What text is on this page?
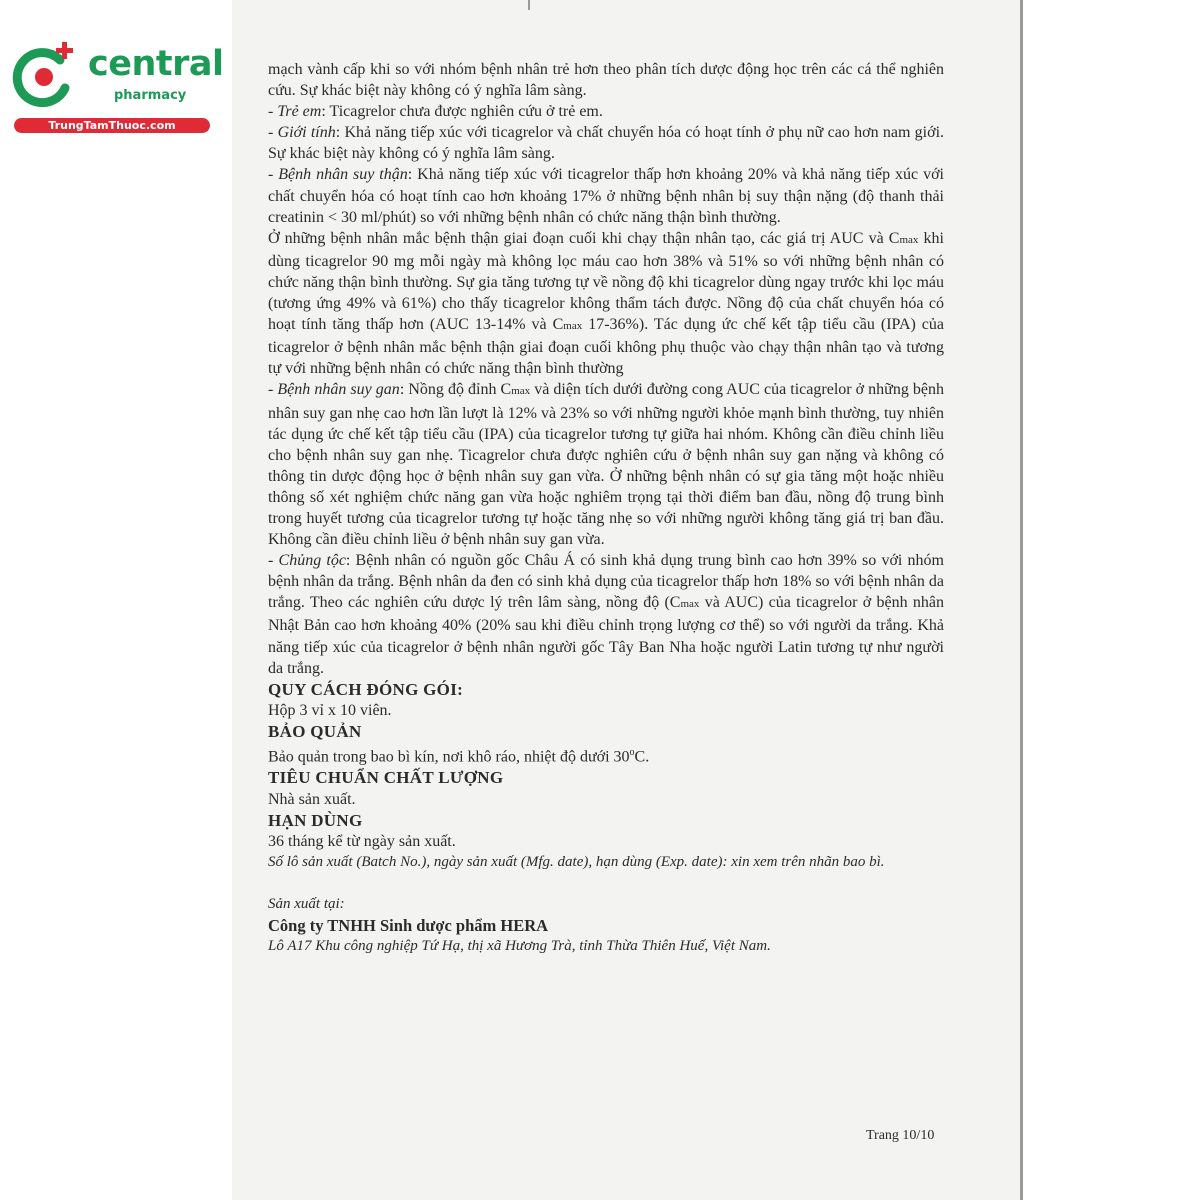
central
pharmacy
TrungTamThuoc.com

mạch vành cấp khi so với nhóm bệnh nhân trẻ hơn theo phân tích dược động học trên các cá thể nghiên cứu. Sự khác biệt này không có ý nghĩa lâm sàng.

- Trẻ em: Ticagrelor chưa được nghiên cứu ở trẻ em.

- Giới tính: Khả năng tiếp xúc với ticagrelor và chất chuyển hóa có hoạt tính ở phụ nữ cao hơn nam giới. Sự khác biệt này không có ý nghĩa lâm sàng.

- Bệnh nhân suy thận: Khả năng tiếp xúc với ticagrelor thấp hơn khoảng 20% và khả năng tiếp xúc với chất chuyển hóa có hoạt tính cao hơn khoảng 17% ở những bệnh nhân bị suy thận nặng (độ thanh thải creatinin < 30 ml/phút) so với những bệnh nhân có chức năng thận bình thường.

Ở những bệnh nhân mắc bệnh thận giai đoạn cuối khi chạy thận nhân tạo, các giá trị AUC và Cmax khi dùng ticagrelor 90 mg mỗi ngày mà không lọc máu cao hơn 38% và 51% so với những bệnh nhân có chức năng thận bình thường. Sự gia tăng tương tự về nồng độ khi ticagrelor dùng ngay trước khi lọc máu (tương ứng 49% và 61%) cho thấy ticagrelor không thẩm tách được. Nồng độ của chất chuyển hóa có hoạt tính tăng thấp hơn (AUC 13-14% và Cmax 17-36%). Tác dụng ức chế kết tập tiểu cầu (IPA) của ticagrelor ở bệnh nhân mắc bệnh thận giai đoạn cuối không phụ thuộc vào chạy thận nhân tạo và tương tự với những bệnh nhân có chức năng thận bình thường

- Bệnh nhân suy gan: Nồng độ đỉnh Cmax và diện tích dưới đường cong AUC của ticagrelor ở những bệnh nhân suy gan nhẹ cao hơn lần lượt là 12% và 23% so với những người khỏe mạnh bình thường, tuy nhiên tác dụng ức chế kết tập tiểu cầu (IPA) của ticagrelor tương tự giữa hai nhóm. Không cần điều chỉnh liều cho bệnh nhân suy gan nhẹ. Ticagrelor chưa được nghiên cứu ở bệnh nhân suy gan nặng và không có thông tin dược động học ở bệnh nhân suy gan vừa. Ở những bệnh nhân có sự gia tăng một hoặc nhiều thông số xét nghiệm chức năng gan vừa hoặc nghiêm trọng tại thời điểm ban đầu, nồng độ trung bình trong huyết tương của ticagrelor tương tự hoặc tăng nhẹ so với những người không tăng giá trị ban đầu. Không cần điều chỉnh liều ở bệnh nhân suy gan vừa.

- Chủng tộc: Bệnh nhân có nguồn gốc Châu Á có sinh khả dụng trung bình cao hơn 39% so với nhóm bệnh nhân da trắng. Bệnh nhân da đen có sinh khả dụng của ticagrelor thấp hơn 18% so với bệnh nhân da trắng. Theo các nghiên cứu dược lý trên lâm sàng, nồng độ (Cmax và AUC) của ticagrelor ở bệnh nhân Nhật Bản cao hơn khoảng 40% (20% sau khi điều chỉnh trọng lượng cơ thể) so với người da trắng. Khả năng tiếp xúc của ticagrelor ở bệnh nhân người gốc Tây Ban Nha hoặc người Latin tương tự như người da trắng.

QUY CÁCH ĐÓNG GÓI:

Hộp 3 vỉ x 10 viên.

BẢO QUẢN

Bảo quản trong bao bì kín, nơi khô ráo, nhiệt độ dưới 30$^o$C.

TIÊU CHUẨN CHẤT LƯỢNG

Nhà sản xuất.

HẠN DÙNG

36 tháng kể từ ngày sản xuất.

Số lô sản xuất (Batch No.), ngày sản xuất (Mfg. date), hạn dùng (Exp. date): xin xem trên nhãn bao bì.

Sản xuất tại:

Công ty TNHH Sinh dược phẩm HERA

Lô A17 Khu công nghiệp Tứ Hạ, thị xã Hương Trà, tỉnh Thừa Thiên Huế, Việt Nam.

Trang 10/10
